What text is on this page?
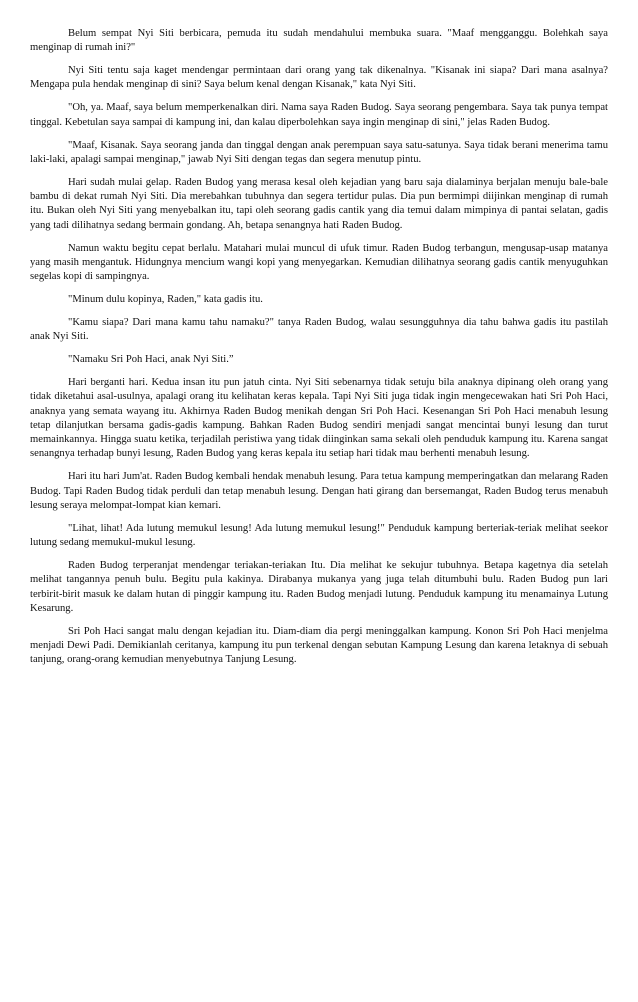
Belum sempat Nyi Siti berbicara, pemuda itu sudah mendahului membuka suara. "Maaf mengganggu. Bolehkah saya menginap di rumah ini?"

Nyi Siti tentu saja kaget mendengar permintaan dari orang yang tak dikenalnya. "Kisanak ini siapa? Dari mana asalnya? Mengapa pula hendak menginap di sini? Saya belum kenal dengan Kisanak," kata Nyi Siti.

"Oh, ya. Maaf, saya belum memperkenalkan diri. Nama saya Raden Budog. Saya seorang pengembara. Saya tak punya tempat tinggal. Kebetulan saya sampai di kampung ini, dan kalau diperbolehkan saya ingin menginap di sini," jelas Raden Budog.

"Maaf, Kisanak. Saya seorang janda dan tinggal dengan anak perempuan saya satu-satunya. Saya tidak berani menerima tamu laki-laki, apalagi sampai menginap," jawab Nyi Siti dengan tegas dan segera menutup pintu.

Hari sudah mulai gelap. Raden Budog yang merasa kesal oleh kejadian yang baru saja dialaminya berjalan menuju bale-bale bambu di dekat rumah Nyi Siti. Dia merebahkan tubuhnya dan segera tertidur pulas. Dia pun bermimpi diijinkan menginap di rumah itu. Bukan oleh Nyi Siti yang menyebalkan itu, tapi oleh seorang gadis cantik yang dia temui dalam mimpinya di pantai selatan, gadis yang tadi dilihatnya sedang bermain gondang. Ah, betapa senangnya hati Raden Budog.

Namun waktu begitu cepat berlalu. Matahari mulai muncul di ufuk timur. Raden Budog terbangun, mengusap-usap matanya yang masih mengantuk. Hidungnya mencium wangi kopi yang menyegarkan. Kemudian dilihatnya seorang gadis cantik menyuguhkan segelas kopi di sampingnya.

"Minum dulu kopinya, Raden," kata gadis itu.

"Kamu siapa? Dari mana kamu tahu namaku?" tanya Raden Budog, walau sesungguhnya dia tahu bahwa gadis itu pastilah anak Nyi Siti.

"Namaku Sri Poh Haci, anak Nyi Siti.”

Hari berganti hari. Kedua insan itu pun jatuh cinta. Nyi Siti sebenarnya tidak setuju bila anaknya dipinang oleh orang yang tidak diketahui asal-usulnya, apalagi orang itu kelihatan keras kepala. Tapi Nyi Siti juga tidak ingin mengecewakan hati Sri Poh Haci, anaknya yang semata wayang itu. Akhirnya Raden Budog menikah dengan Sri Poh Haci. Kesenangan Sri Poh Haci menabuh lesung tetap dilanjutkan bersama gadis-gadis kampung. Bahkan Raden Budog sendiri menjadi sangat mencintai bunyi lesung dan turut memainkannya. Hingga suatu ketika, terjadilah peristiwa yang tidak diinginkan sama sekali oleh penduduk kampung itu. Karena sangat senangnya terhadap bunyi lesung, Raden Budog yang keras kepala itu setiap hari tidak mau berhenti menabuh lesung.

Hari itu hari Jum'at. Raden Budog kembali hendak menabuh lesung. Para tetua kampung memperingatkan dan melarang Raden Budog. Tapi Raden Budog tidak perduli dan tetap menabuh lesung. Dengan hati girang dan bersemangat, Raden Budog terus menabuh lesung seraya melompat-lompat kian kemari.

"Lihat, lihat! Ada lutung memukul lesung! Ada lutung memukul lesung!" Penduduk kampung berteriak-teriak melihat seekor lutung sedang memukul-mukul lesung.

Raden Budog terperanjat mendengar teriakan-teriakan Itu. Dia melihat ke sekujur tubuhnya. Betapa kagetnya dia setelah melihat tangannya penuh bulu. Begitu pula kakinya. Dirabanya mukanya yang juga telah ditumbuhi bulu. Raden Budog pun lari terbirit-birit masuk ke dalam hutan di pinggir kampung itu. Raden Budog menjadi lutung. Penduduk kampung itu menamainya Lutung Kesarung.

Sri Poh Haci sangat malu dengan kejadian itu. Diam-diam dia pergi meninggalkan kampung. Konon Sri Poh Haci menjelma menjadi Dewi Padi. Demikianlah ceritanya, kampung itu pun terkenal dengan sebutan Kampung Lesung dan karena letaknya di sebuah tanjung, orang-orang kemudian menyebutnya Tanjung Lesung.
